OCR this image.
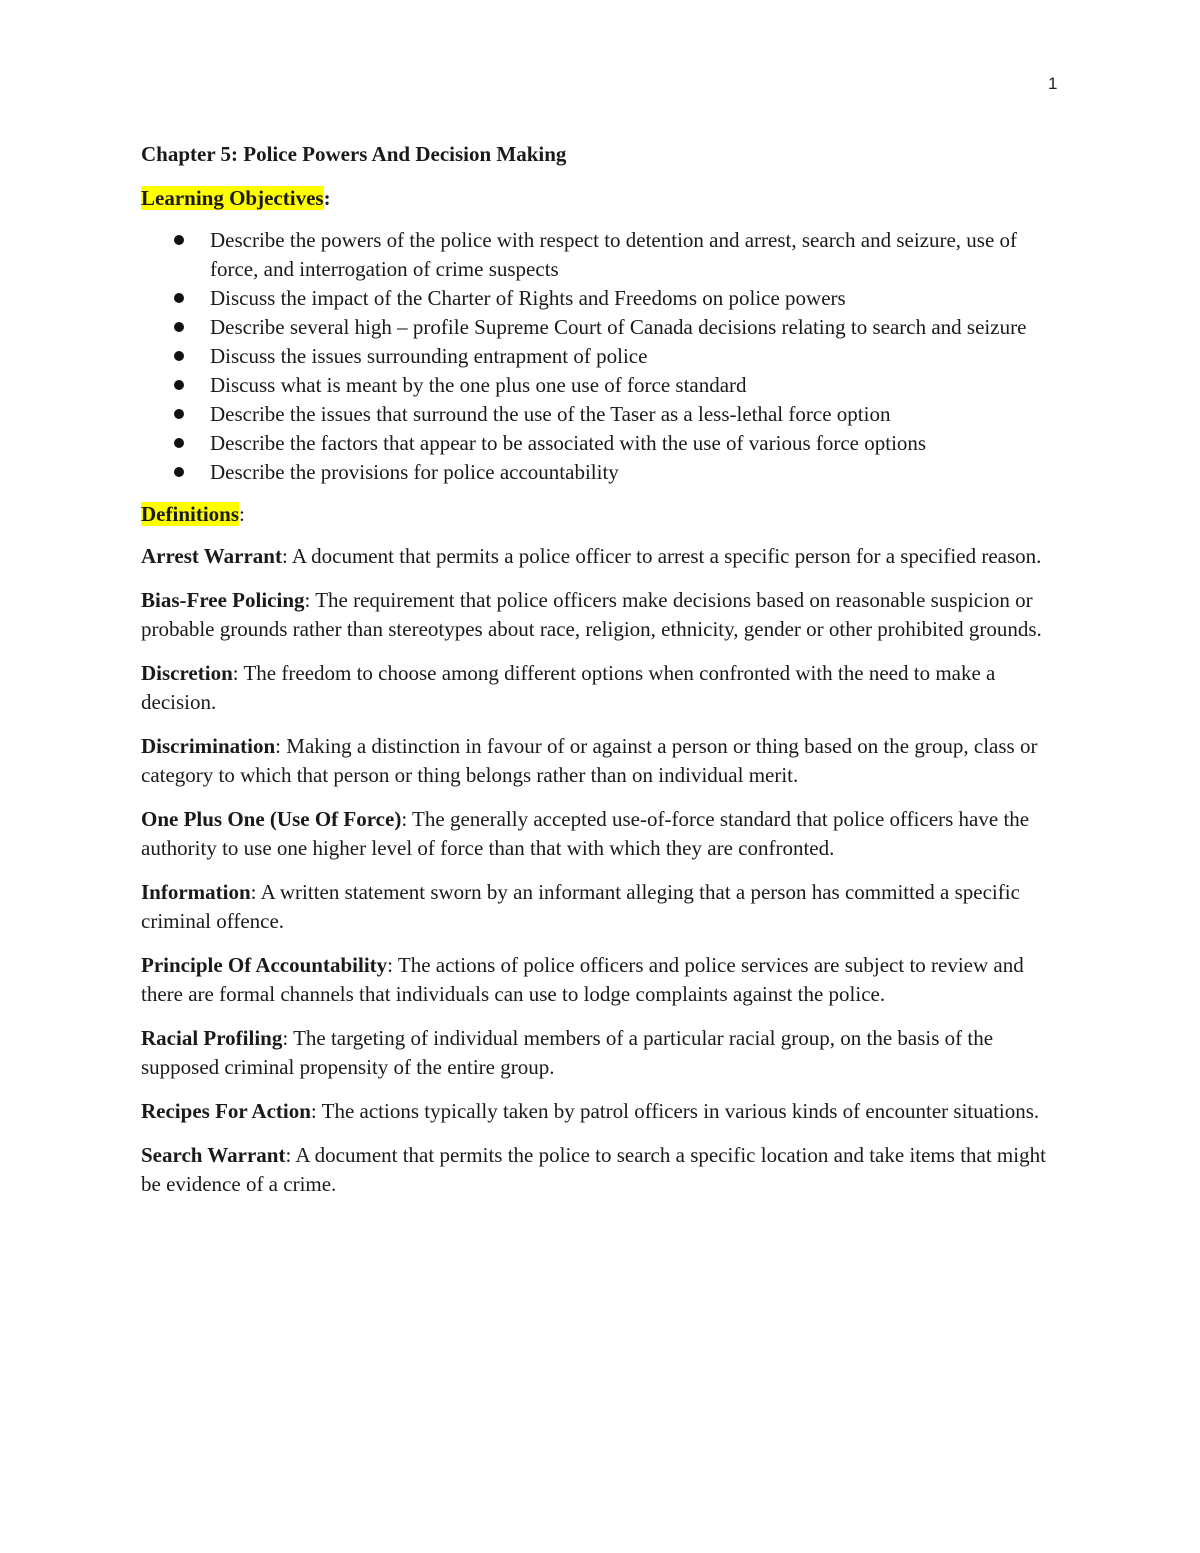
1
Chapter 5: Police Powers And Decision Making
Learning Objectives:
Describe the powers of the police with respect to detention and arrest, search and seizure, use of force, and interrogation of crime suspects
Discuss the impact of the Charter of Rights and Freedoms on police powers
Describe several high – profile Supreme Court of Canada decisions relating to search and seizure
Discuss the issues surrounding entrapment of police
Discuss what is meant by the one plus one use of force standard
Describe the issues that surround the use of the Taser as a less-lethal force option
Describe the factors that appear to be associated with the use of various force options
Describe the provisions for police accountability
Definitions:

Arrest Warrant: A document that permits a police officer to arrest a specific person for a specified reason.

Bias-Free Policing: The requirement that police officers make decisions based on reasonable suspicion or probable grounds rather than stereotypes about race, religion, ethnicity, gender or other prohibited grounds.

Discretion: The freedom to choose among different options when confronted with the need to make a decision.

Discrimination: Making a distinction in favour of or against a person or thing based on the group, class or category to which that person or thing belongs rather than on individual merit.

One Plus One (Use Of Force): The generally accepted use-of-force standard that police officers have the authority to use one higher level of force than that with which they are confronted.

Information: A written statement sworn by an informant alleging that a person has committed a specific criminal offence.

Principle Of Accountability: The actions of police officers and police services are subject to review and there are formal channels that individuals can use to lodge complaints against the police.

Racial Profiling: The targeting of individual members of a particular racial group, on the basis of the supposed criminal propensity of the entire group.

Recipes For Action: The actions typically taken by patrol officers in various kinds of encounter situations.

Search Warrant: A document that permits the police to search a specific location and take items that might be evidence of a crime.
